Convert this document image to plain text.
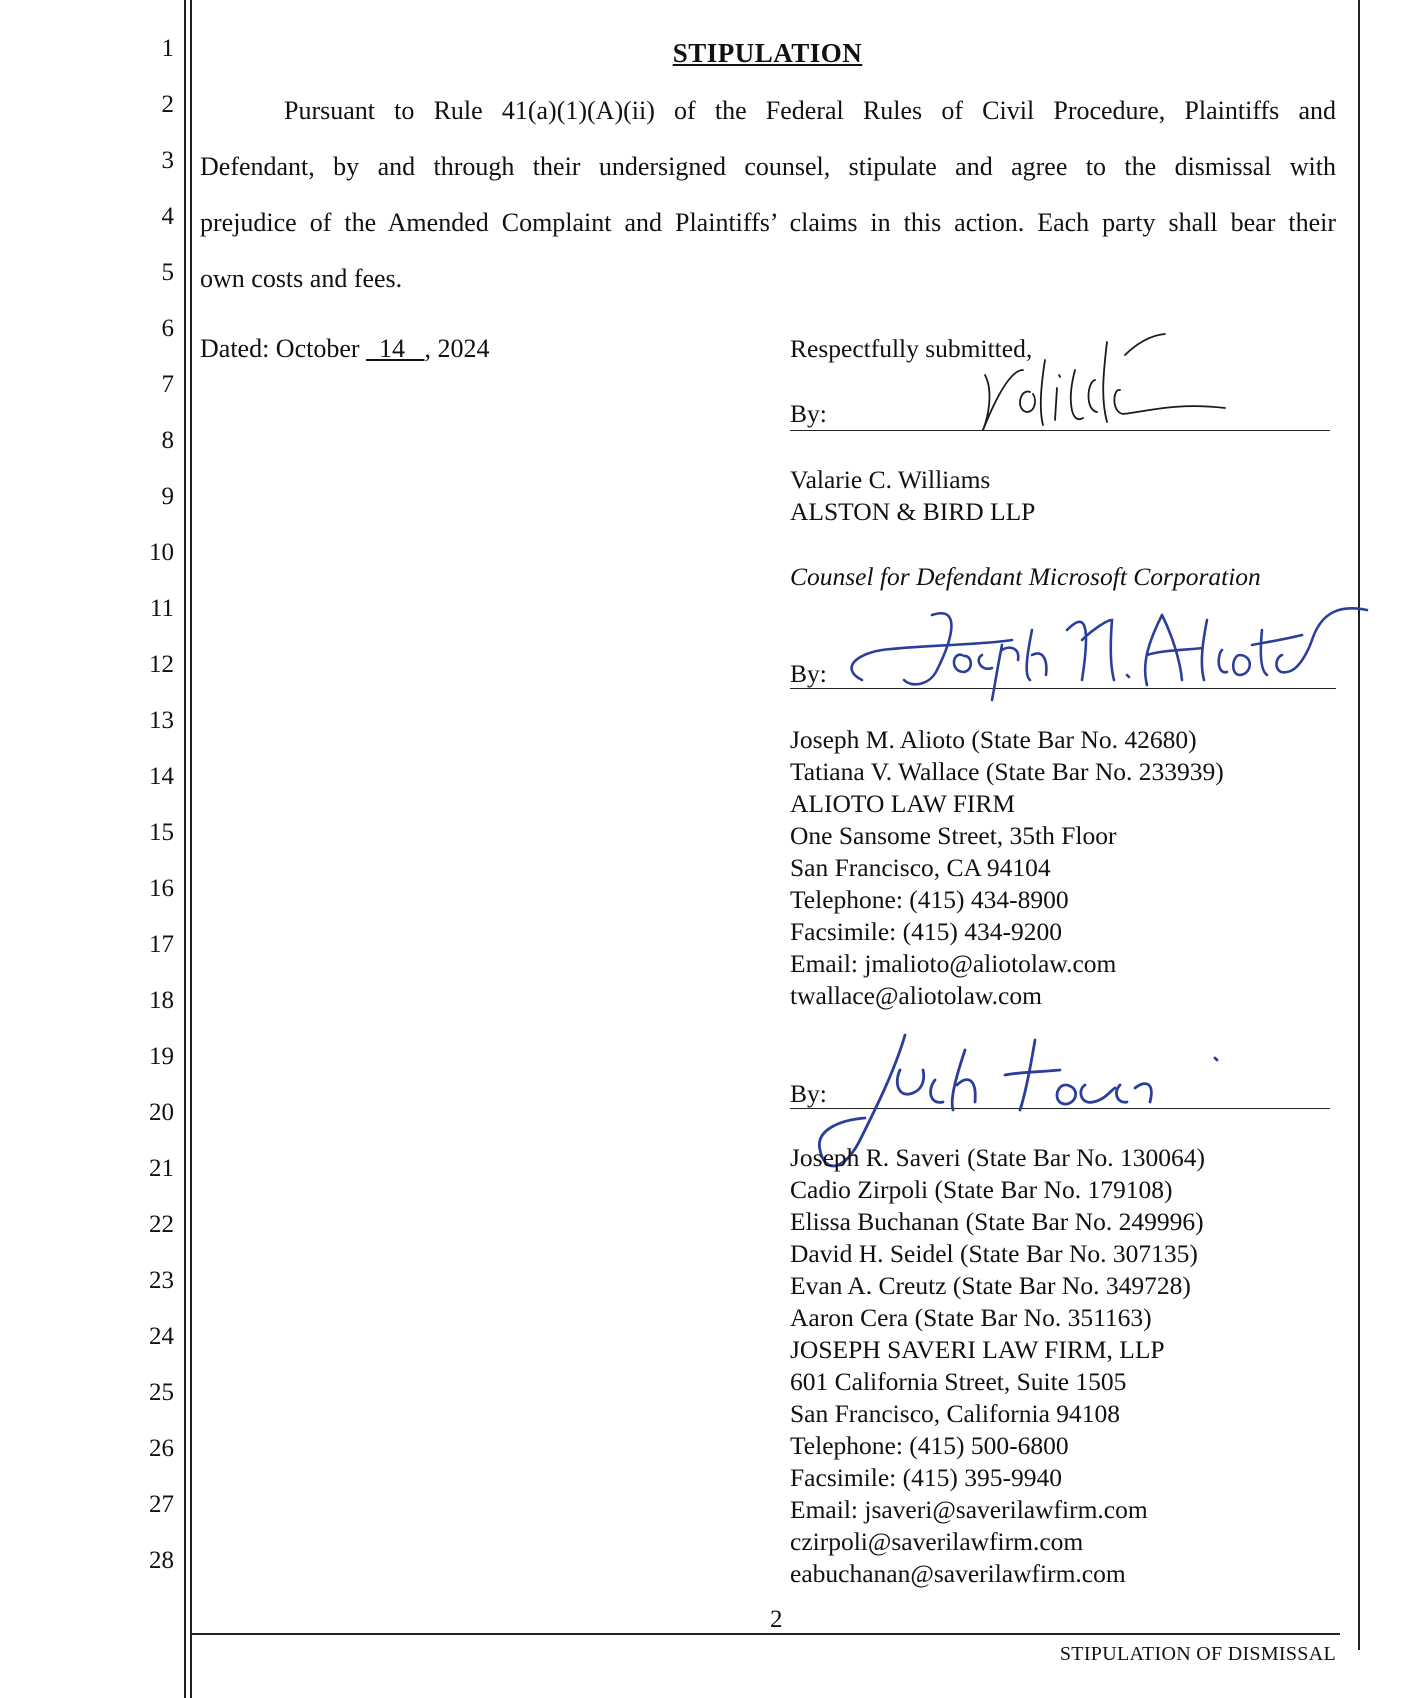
1
2
3
4
5
6
7
8
9
10
11
12
13
14
15
16
17
18
19
20
21
22
23
24
25
26
27
28
STIPULATION
Pursuant to Rule 41(a)(1)(A)(ii) of the Federal Rules of Civil Procedure, Plaintiffs and
Defendant, by and through their undersigned counsel, stipulate and agree to the dismissal with
prejudice of the Amended Complaint and Plaintiffs’ claims in this action. Each party shall bear their
own costs and fees.
Dated: October   14 , 2024	Respectfully submitted,
By:
Valarie C. Williams
ALSTON & BIRD LLP
Counsel for Defendant Microsoft Corporation
By:
Joseph M. Alioto (State Bar No. 42680)
Tatiana V. Wallace (State Bar No. 233939)
ALIOTO LAW FIRM
One Sansome Street, 35th Floor
San Francisco, CA 94104
Telephone: (415) 434-8900
Facsimile: (415) 434-9200
Email: jmalioto@aliotolaw.com
twallace@aliotolaw.com
By:
Joseph R. Saveri (State Bar No. 130064)
Cadio Zirpoli (State Bar No. 179108)
Elissa Buchanan (State Bar No. 249996)
David H. Seidel (State Bar No. 307135)
Evan A. Creutz (State Bar No. 349728)
Aaron Cera (State Bar No. 351163)
JOSEPH SAVERI LAW FIRM, LLP
601 California Street, Suite 1505
San Francisco, California 94108
Telephone: (415) 500-6800
Facsimile: (415) 395-9940
Email: jsaveri@saverilawfirm.com
czirpoli@saverilawfirm.com
eabuchanan@saverilawfirm.com
2
STIPULATION OF DISMISSAL
